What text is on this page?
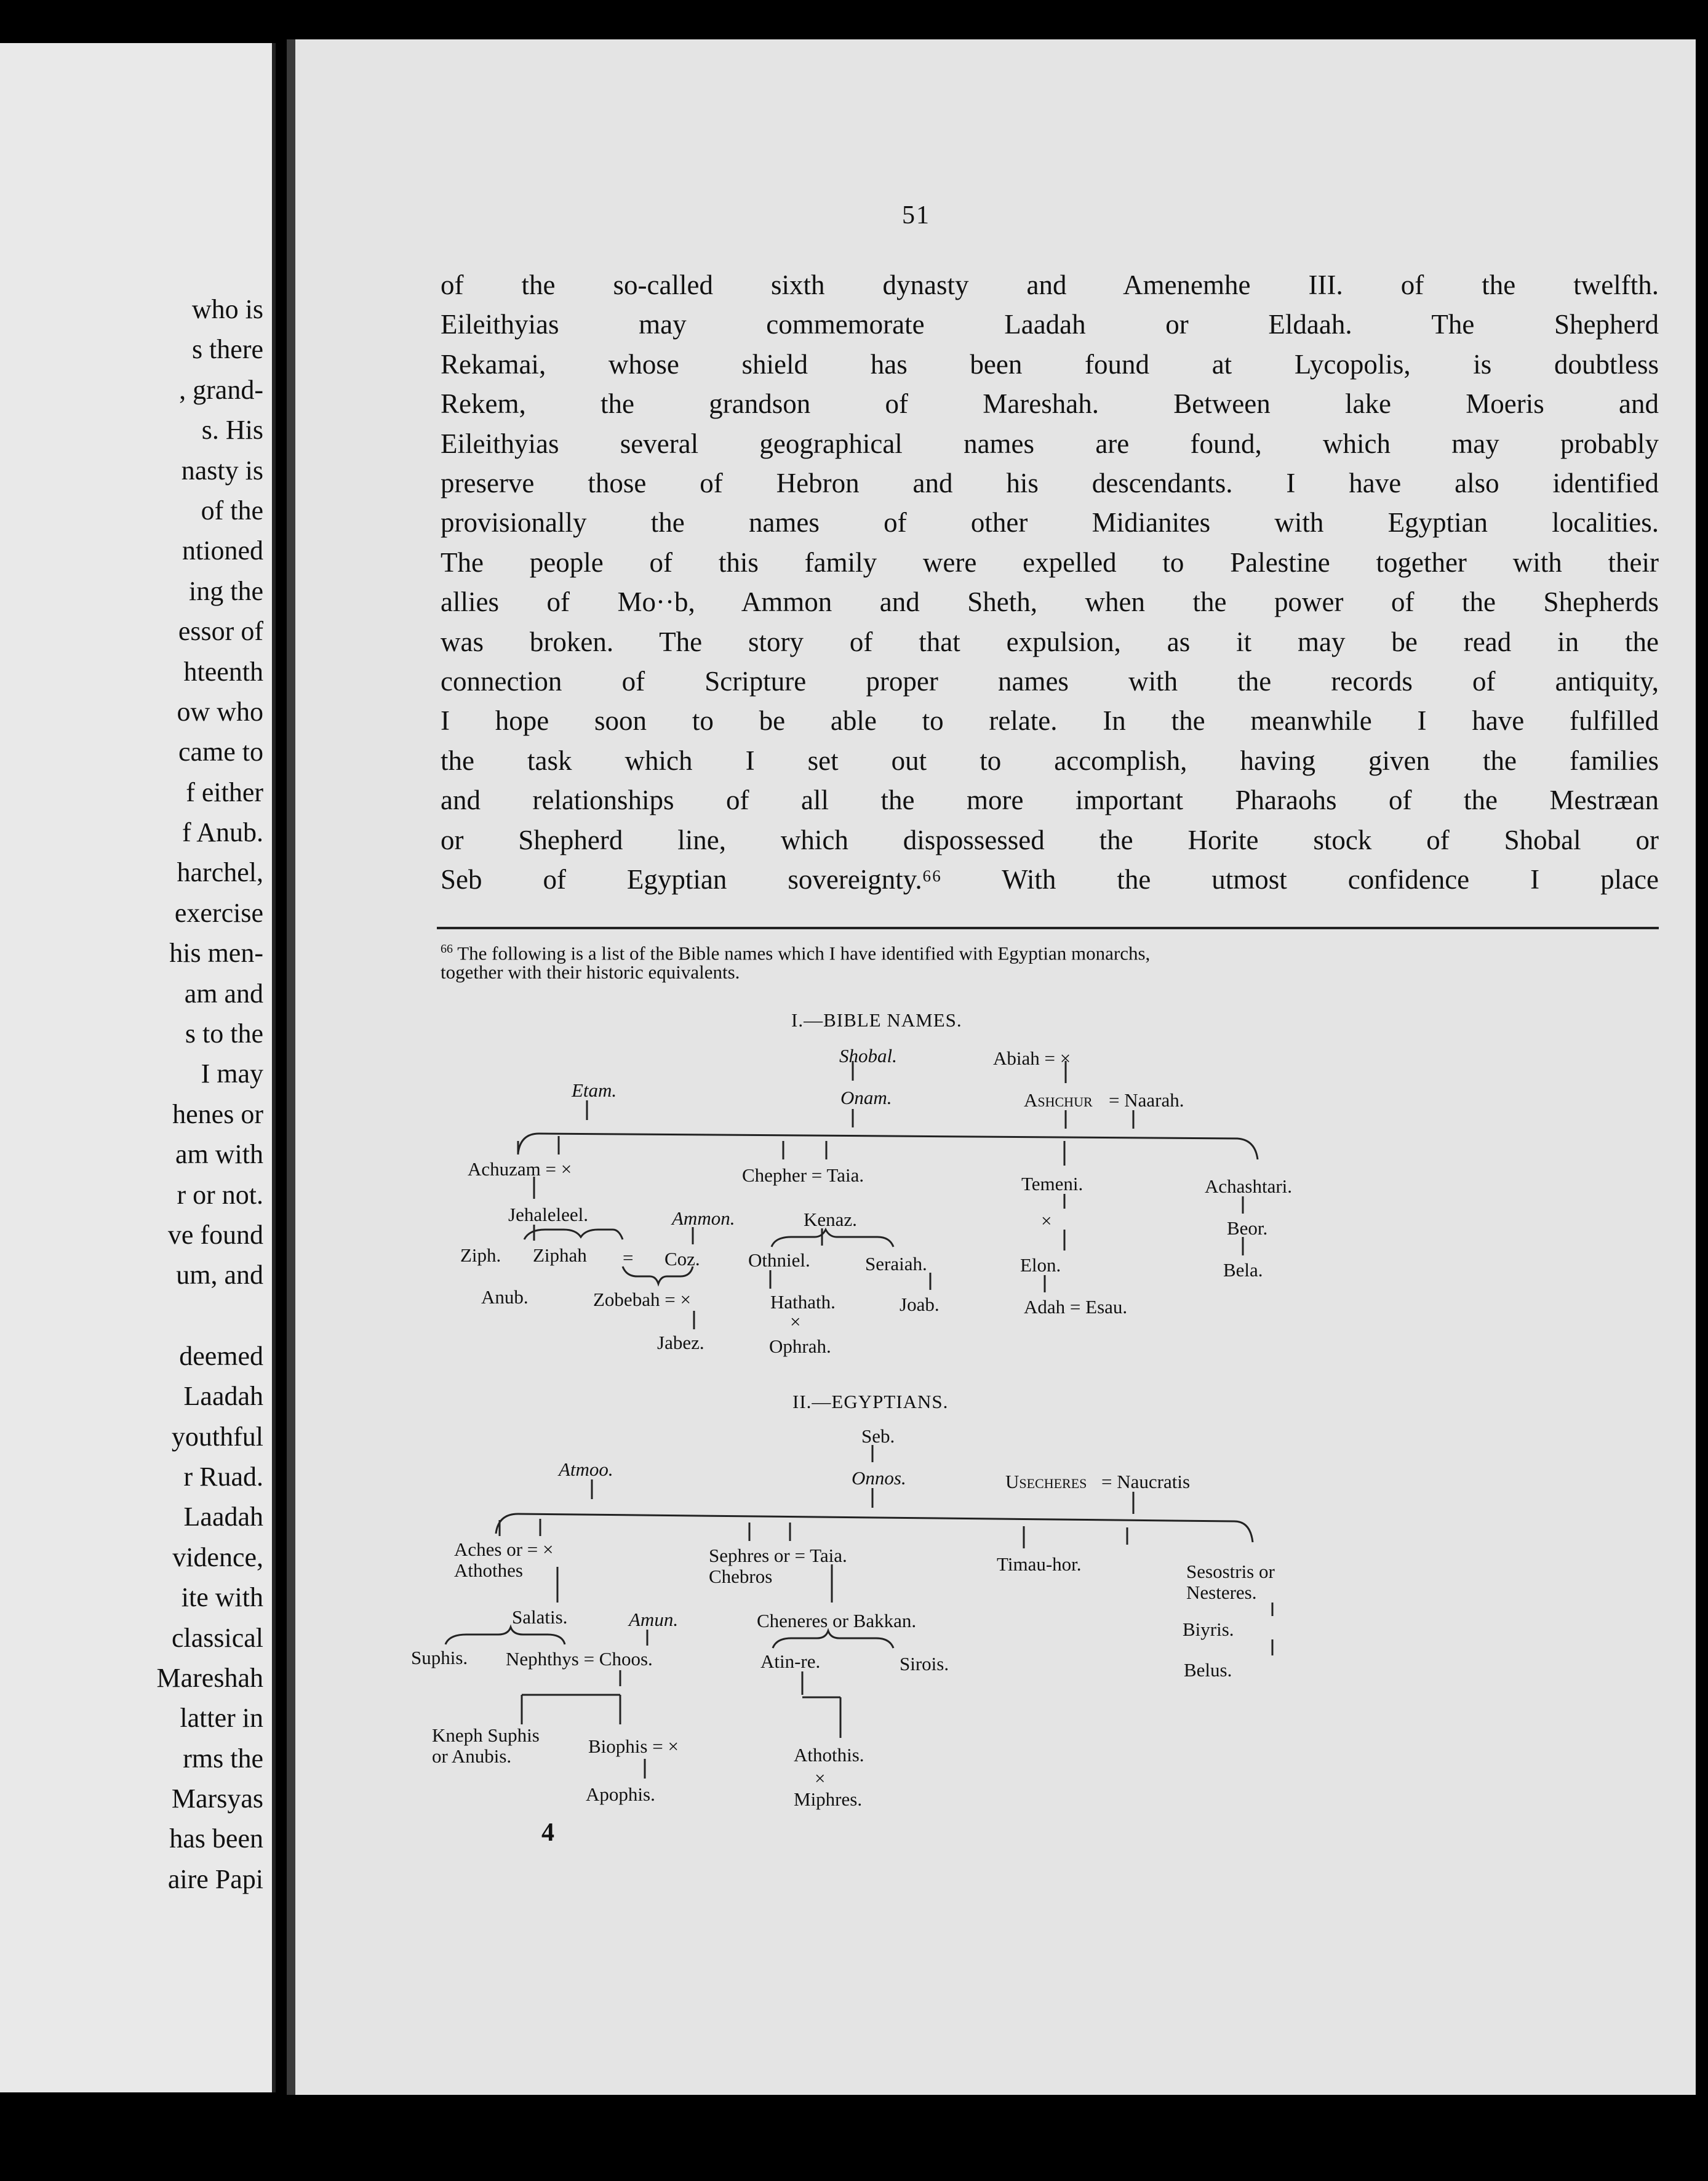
who is
s there
, grand-
s. His
nasty is
of the
ntioned
ing the
essor of
hteenth
ow who
came to
f either
f Anub.
harchel,
exercise
his men-
am and
s to the
I may
henes or
am with
r or not.
ve found
um, and
deemed
Laadah
youthful
r Ruad.
Laadah
vidence,
ite with
classical
Mareshah
latter in
rms the
Marsyas
has been
aire Papi
51
of the so-called sixth dynasty and Amenemhe III. of the twelfth.
Eileithyias may commemorate Laadah or Eldaah. The Shepherd
Rekamai, whose shield has been found at Lycopolis, is doubtless
Rekem, the grandson of Mareshah. Between lake Moeris and
Eileithyias several geographical names are found, which may probably
preserve those of Hebron and his descendants. I have also identified
provisionally the names of other Midianites with Egyptian localities.
The people of this family were expelled to Palestine together with their
allies of Mo··b, Ammon and Sheth, when the power of the Shepherds
was broken. The story of that expulsion, as it may be read in the
connection of Scripture proper names with the records of antiquity,
I hope soon to be able to relate. In the meanwhile I have fulfilled
the task which I set out to accomplish, having given the families
and relationships of all the more important Pharaohs of the Mestræan
or Shepherd line, which dispossessed the Horite stock of Shobal or
Seb of Egyptian sovereignty.⁶⁶ With the utmost confidence I place
$^{66}$ The following is a list of the Bible names which I have identified with Egyptian monarchs,
together with their historic equivalents.
I.—BIBLE NAMES.
Shobal.
Onam.
Etam.
Abiah = ×
Ashchur = Naarah.
Achuzam = ×	Chepher = Taia.	Temeni.	Achashtari.
Jehaleleel.	Ammon.	Kenaz.	×	Beor.
Ziph. Ziphah = Coz.	Othniel.	Seraiah.	Elon.	Bela.
Anub.	Zobebah = ×	Hathath.	Joab.	Adah = Esau.
Jabez.
×
Ophrah.
II.—EGYPTIANS.
Seb.
Onnos.
Atmoo.
Usecheres = Naucratis
Aches or = ×
Athothes
Sephres or = Taia.
Chebros
Timau-hor.	Sesostris or
Nesteres.
Salatis.	Amun.	Cheneres or Bakkan.	Biyris.
Suphis. Nephthys = Choos.	Atin-re.	Sirois.	Belus.
Kneph Suphis
or Anubis.	Biophis = ×	Athothis.
Apophis.
×
Miphres.
4
